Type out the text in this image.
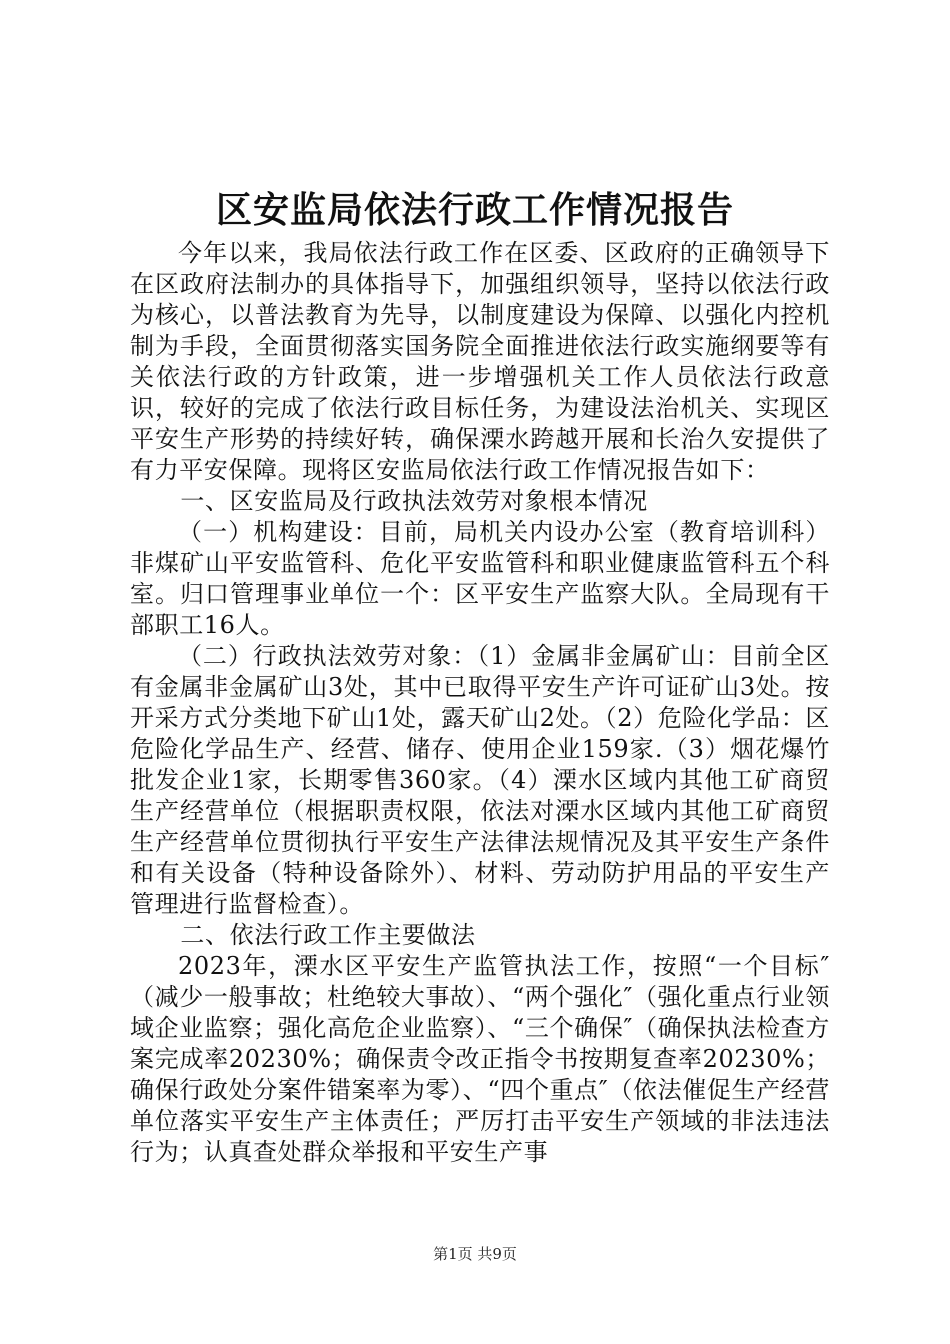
区安监局依法行政工作情况报告

今年以来，我局依法行政工作在区委、区政府的正确领导下在区政府法制办的具体指导下，加强组织领导，坚持以依法行政为核心，以普法教育为先导，以制度建设为保障、以强化内控机制为手段，全面贯彻落实国务院全面推进依法行政实施纲要等有关依法行政的方针政策，进一步增强机关工作人员依法行政意识，较好的完成了依法行政目标任务，为建设法治机关、实现区平安生产形势的持续好转，确保溧水跨越开展和长治久安提供了有力平安保障。现将区安监局依法行政工作情况报告如下：

一、区安监局及行政执法效劳对象根本情况

（一）机构建设：目前，局机关内设办公室（教育培训科）非煤矿山平安监管科、危化平安监管科和职业健康监管科五个科室。归口管理事业单位一个：区平安生产监察大队。全局现有干部职工16人。

（二）行政执法效劳对象：（1）金属非金属矿山：目前全区有金属非金属矿山3处，其中已取得平安生产许可证矿山3处。按开采方式分类地下矿山1处，露天矿山2处。（2）危险化学品：区危险化学品生产、经营、储存、使用企业159家.（3）烟花爆竹批发企业1家，长期零售360家。（4）溧水区域内其他工矿商贸生产经营单位（根据职责权限，依法对溧水区域内其他工矿商贸生产经营单位贯彻执行平安生产法律法规情况及其平安生产条件和有关设备（特种设备除外）、材料、劳动防护用品的平安生产管理进行监督检查）。

二、依法行政工作主要做法

2023年，溧水区平安生产监管执法工作，按照“一个目标″（减少一般事故；杜绝较大事故）、“两个强化″（强化重点行业领域企业监察；强化高危企业监察）、“三个确保″（确保执法检查方案完成率20230%；确保责令改正指令书按期复查率20230%；确保行政处分案件错案率为零）、“四个重点″（依法催促生产经营单位落实平安生产主体责任；严厉打击平安生产领域的非法违法行为；认真查处群众举报和平安生产事

第1页 共9页
